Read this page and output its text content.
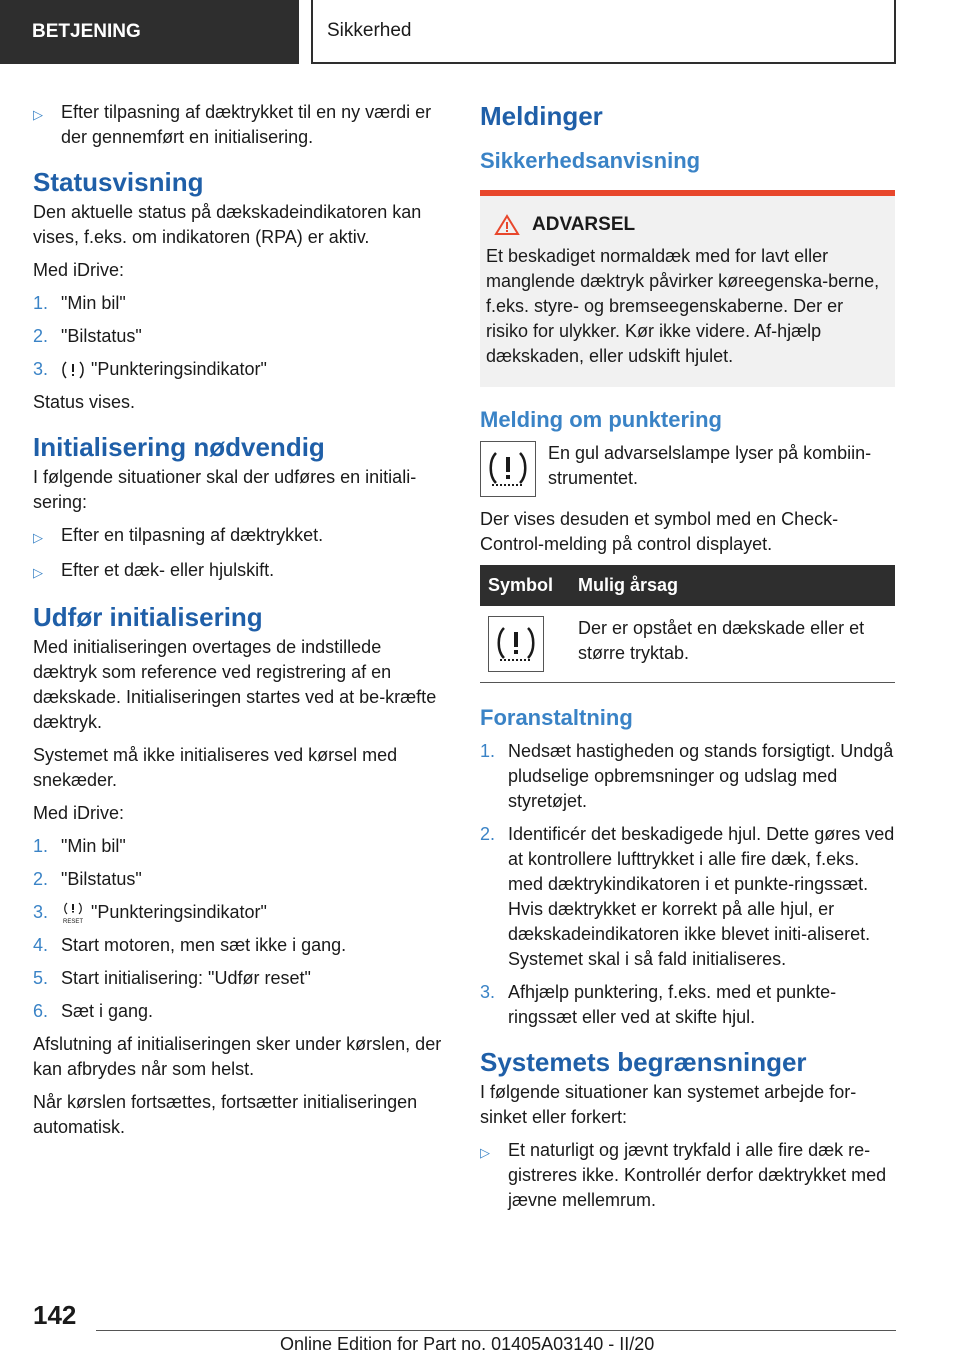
BETJENING	Sikkerhed
▷	Efter tilpasning af dæktrykket til en ny værdi er der gennemført en initialisering.
Statusvisning

Den aktuelle status på dækskadeindikatoren kan vises, f.eks. om indikatoren (RPA) er aktiv.

Med iDrive:

1. "Min bil"
2. "Bilstatus"
3.	"Punkteringsindikator"

Status vises.

Initialisering nødvendig

I følgende situationer skal der udføres en initiali-sering:

▷	Efter en tilpasning af dæktrykket.
▷	Efter et dæk- eller hjulskift.
Udfør initialisering

Med initialiseringen overtages de indstillede dæktryk som reference ved registrering af en dækskade. Initialiseringen startes ved at be-kræfte dæktryk.

Systemet må ikke initialiseres ved kørsel med snekæder.

Med iDrive:

1. "Min bil"
2. "Bilstatus"
3.
RESET
"Punkteringsindikator"
4. Start motoren, men sæt ikke i gang.
5. Start initialisering: "Udfør reset"
6. Sæt i gang.

Afslutning af initialiseringen sker under kørslen, der kan afbrydes når som helst.

Når kørslen fortsættes, fortsætter initialiseringen automatisk.

Meldinger
Sikkerhedsanvisning
ADVARSEL

Et beskadiget normaldæk med for lavt eller manglende dæktryk påvirker køreegenska-berne, f.eks. styre- og bremseegenskaberne. Der er risiko for ulykker. Kør ikke videre. Af-hjælp dækskaden, eller udskift hjulet.

Melding om punktering

En gul advarselslampe lyser på kombiin-strumentet.

Der vises desuden et symbol med en Check-Control-melding på control displayet.

Symbol	Mulig årsag

	Der er opstået en dækskade eller et større tryktab.
Foranstaltning
1. Nedsæt hastigheden og stands forsigtigt. Undgå pludselige opbremsninger og udslag med styretøjet.
2. Identificér det beskadigede hjul. Dette gøres ved at kontrollere lufttrykket i alle fire dæk, f.eks. med dæktrykindikatoren i et punkte-ringssæt. Hvis dæktrykket er korrekt på alle hjul, er dækskadeindikatoren ikke blevet initi-aliseret. Systemet skal i så fald initialiseres.
3. Afhjælp punktering, f.eks. med et punkte-ringssæt eller ved at skifte hjul.
Systemets begrænsninger

I følgende situationer kan systemet arbejde for-sinket eller forkert:

▷	Et naturligt og jævnt trykfald i alle fire dæk re-gistreres ikke. Kontrollér derfor dæktrykket med jævne mellemrum.
142
Online Edition for Part no. 01405A03140 - II/20
